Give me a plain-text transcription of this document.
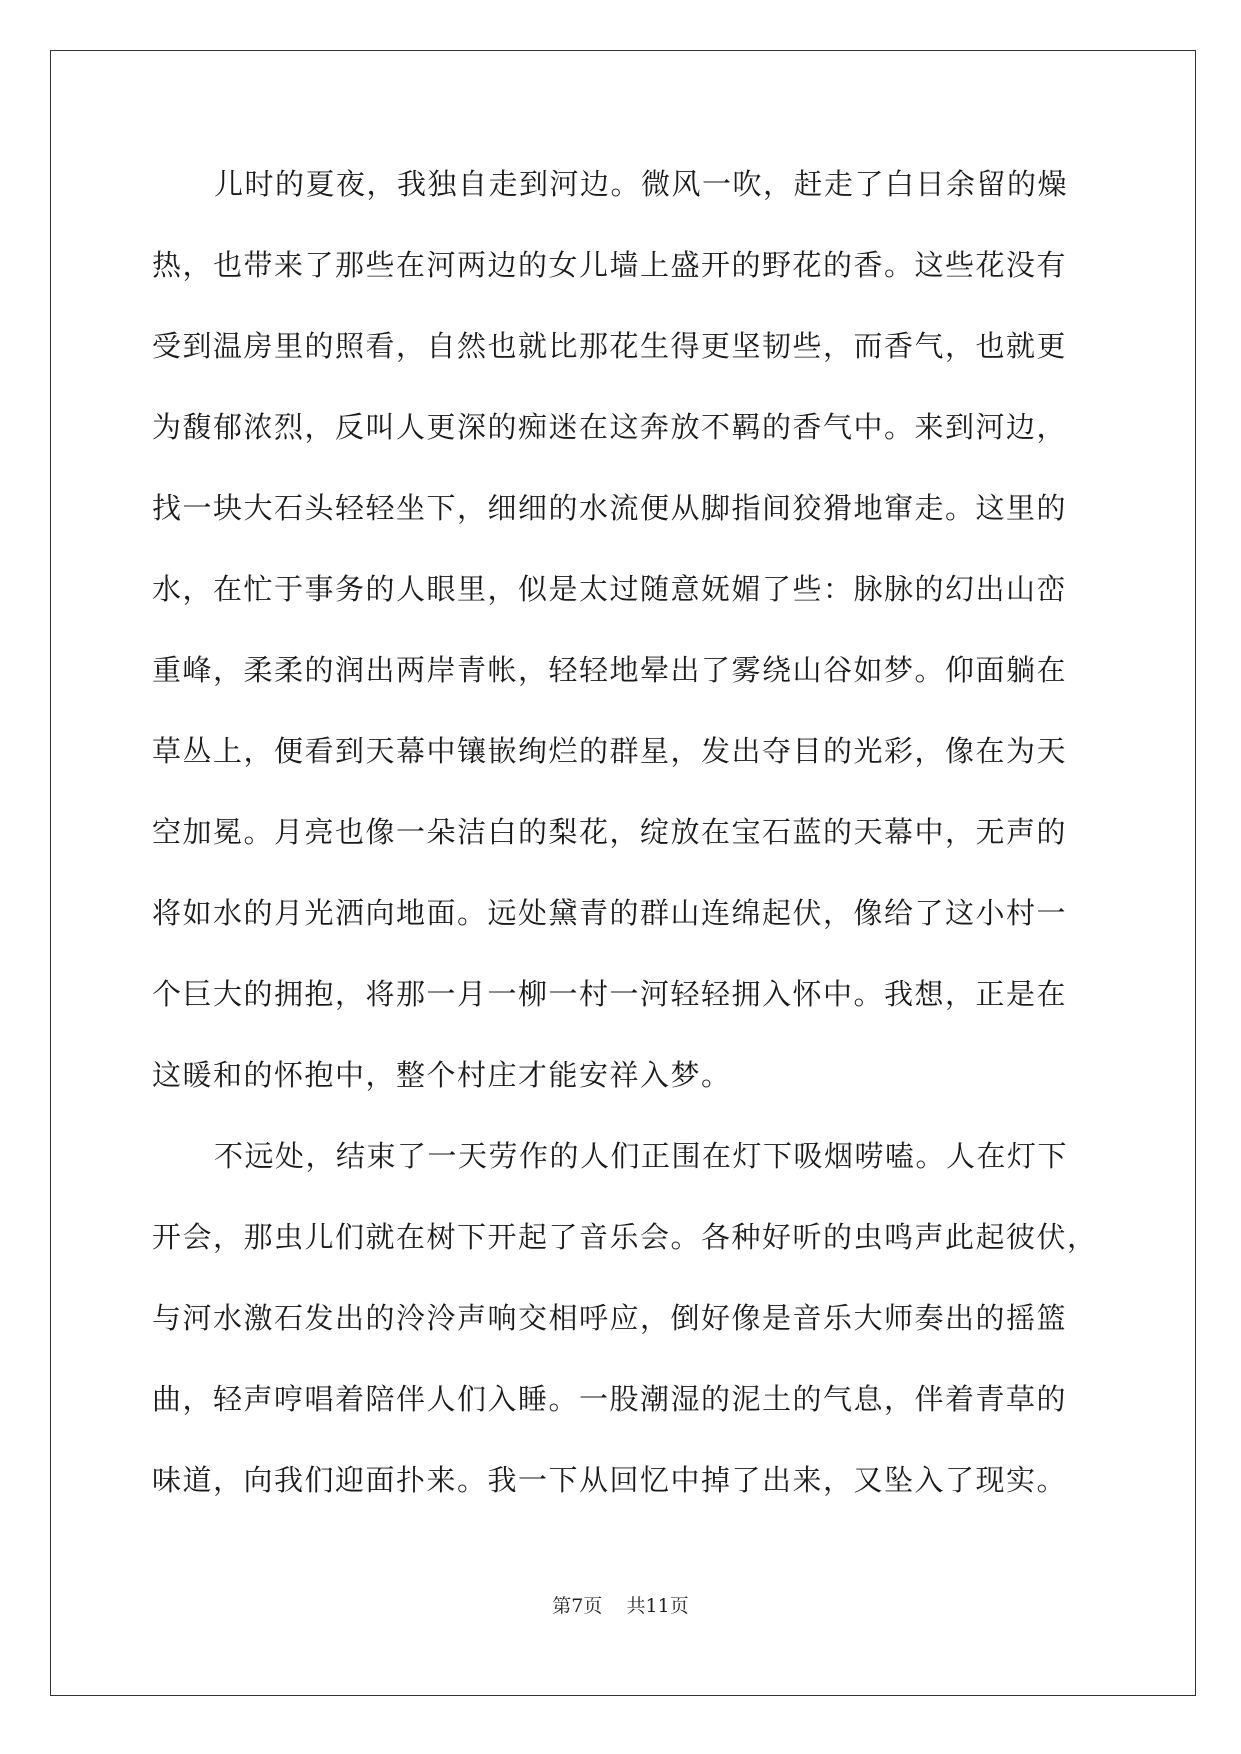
儿时的夏夜，我独自走到河边。微风一吹，赶走了白日余留的燥
热，也带来了那些在河两边的女儿墙上盛开的野花的香。这些花没有
受到温房里的照看，自然也就比那花生得更坚韧些，而香气，也就更
为馥郁浓烈，反叫人更深的痴迷在这奔放不羁的香气中。来到河边，
找一块大石头轻轻坐下，细细的水流便从脚指间狡猾地窜走。这里的
水，在忙于事务的人眼里，似是太过随意妩媚了些：脉脉的幻出山峦
重峰，柔柔的润出两岸青帐，轻轻地晕出了雾绕山谷如梦。仰面躺在
草丛上，便看到天幕中镶嵌绚烂的群星，发出夺目的光彩，像在为天
空加冕。月亮也像一朵洁白的梨花，绽放在宝石蓝的天幕中，无声的
将如水的月光洒向地面。远处黛青的群山连绵起伏，像给了这小村一
个巨大的拥抱，将那一月一柳一村一河轻轻拥入怀中。我想，正是在
这暖和的怀抱中，整个村庄才能安祥入梦。
不远处，结束了一天劳作的人们正围在灯下吸烟唠嗑。人在灯下
开会，那虫儿们就在树下开起了音乐会。各种好听的虫鸣声此起彼伏，
与河水激石发出的泠泠声响交相呼应，倒好像是音乐大师奏出的摇篮
曲，轻声哼唱着陪伴人们入睡。一股潮湿的泥土的气息，伴着青草的
味道，向我们迎面扑来。我一下从回忆中掉了出来，又坠入了现实。
第7页 共11页
